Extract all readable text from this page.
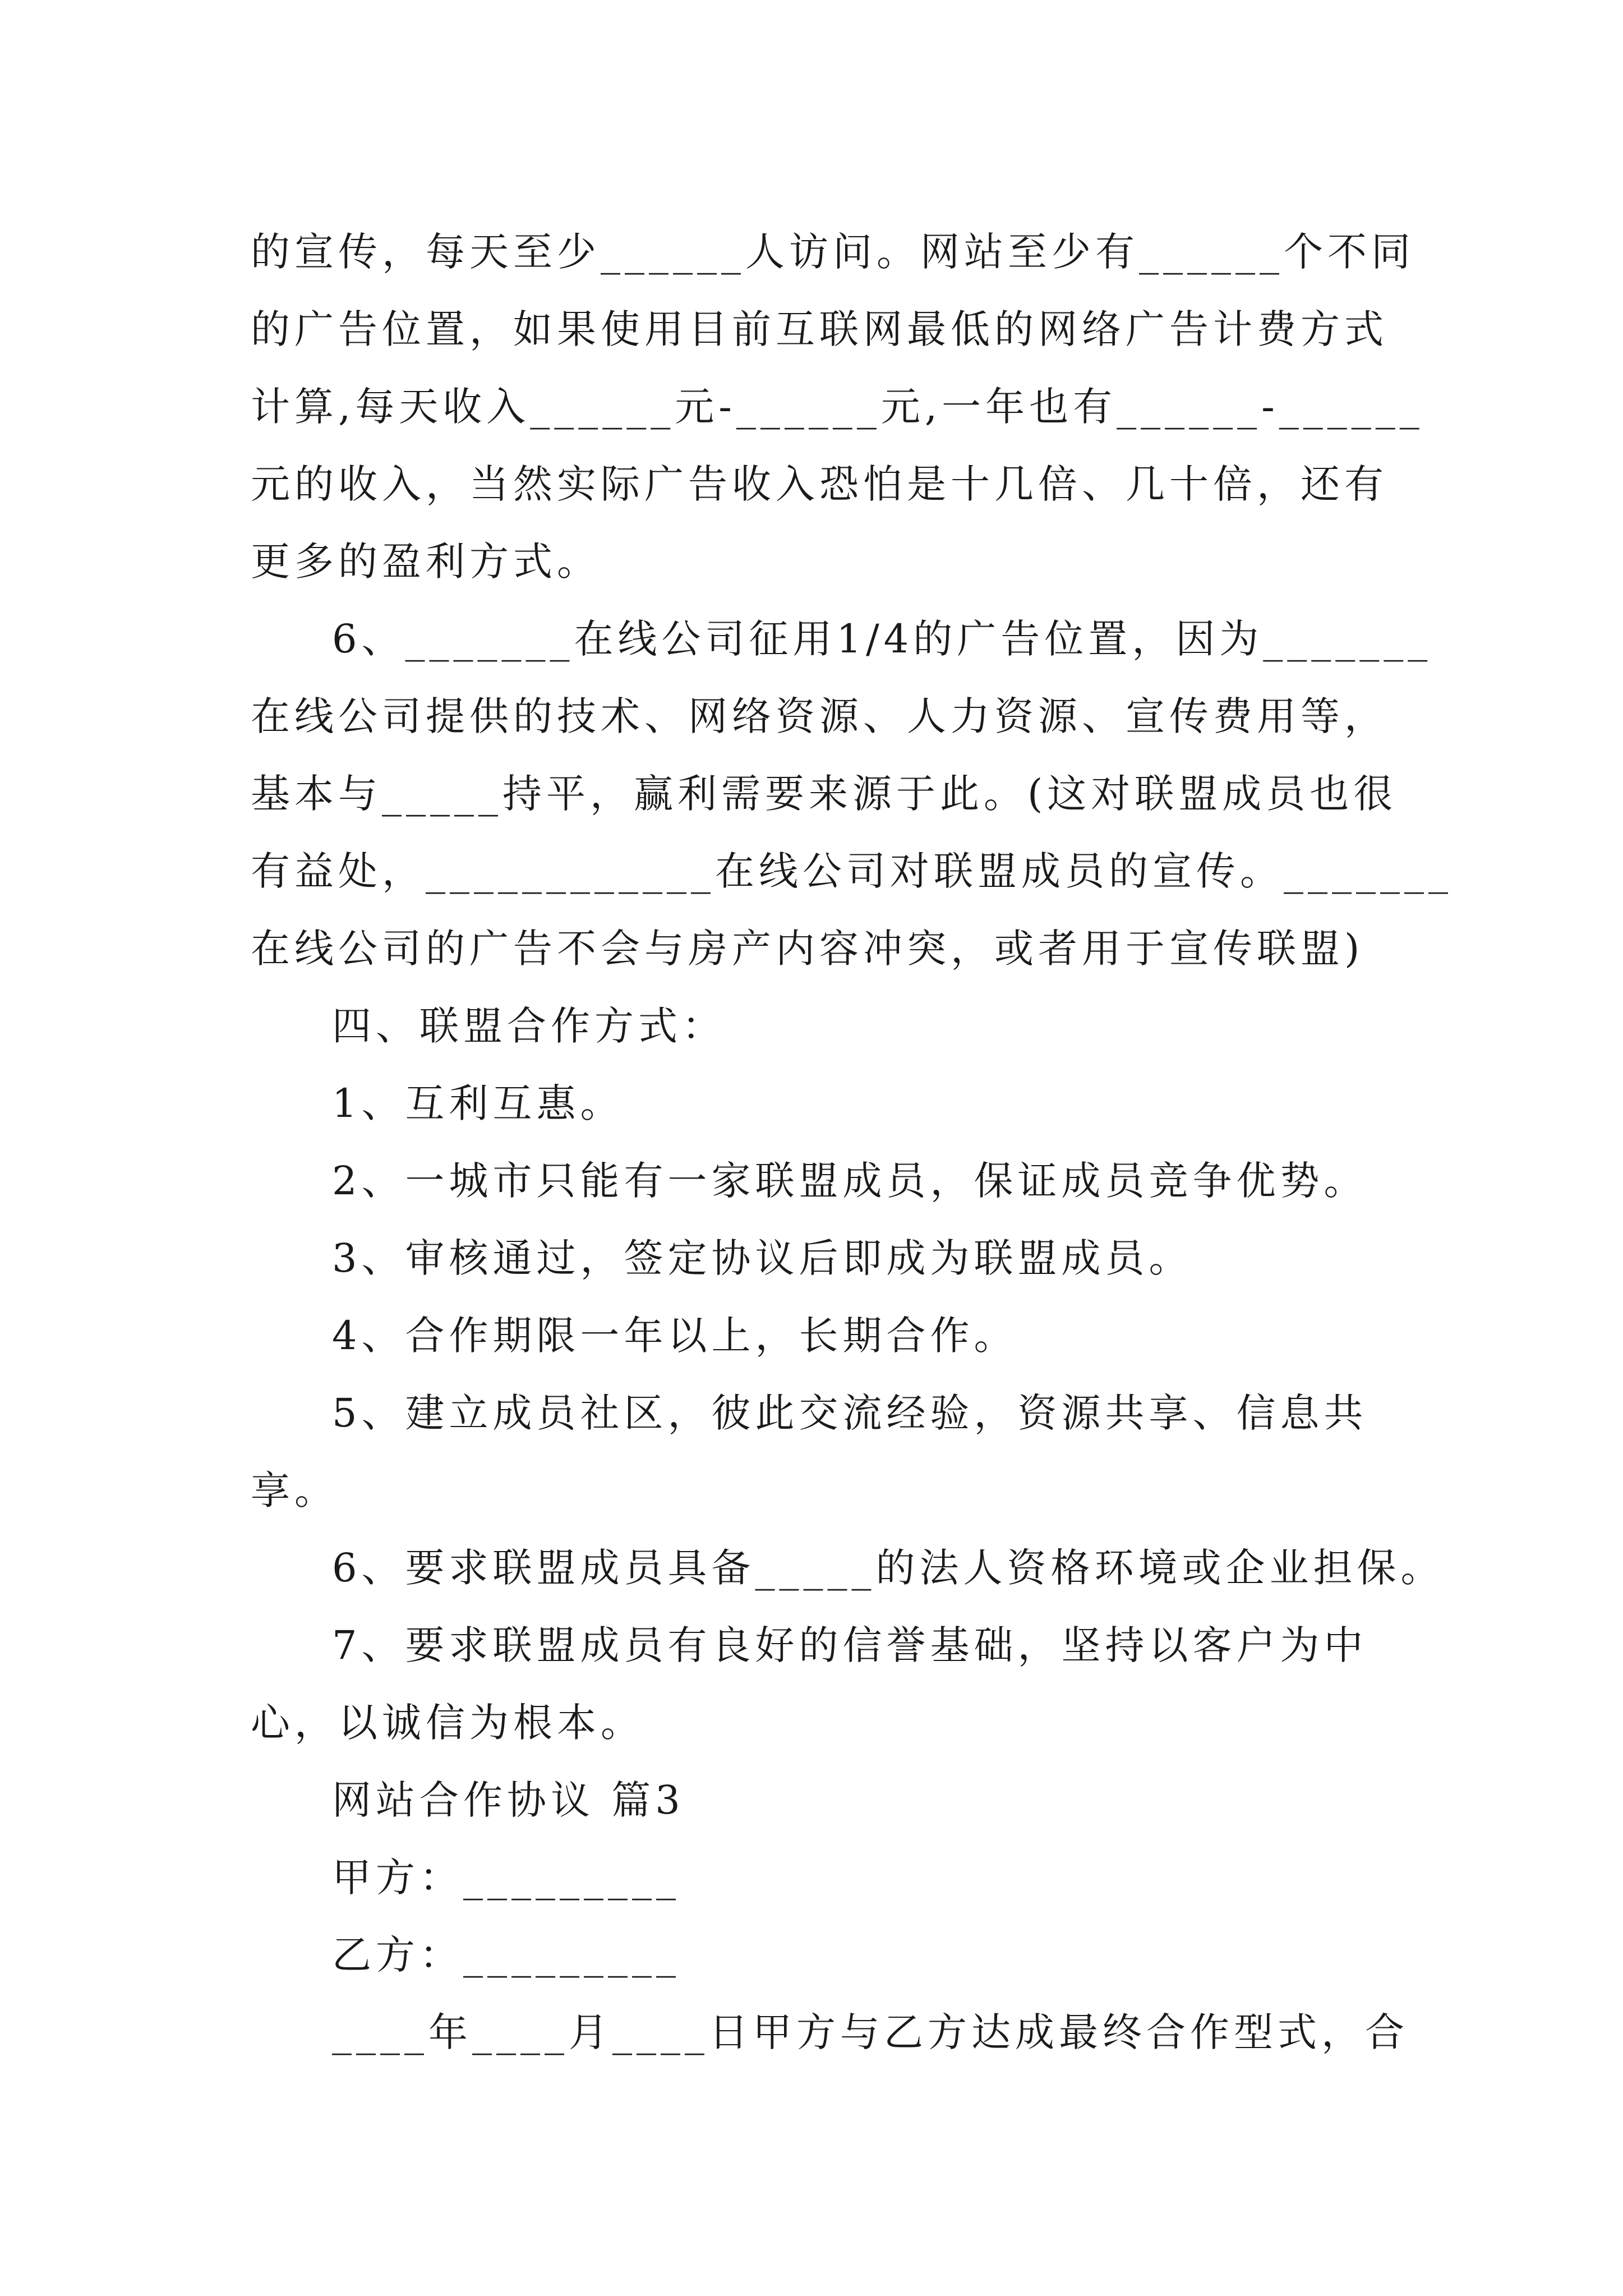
的宣传，每天至少______人访问。网站至少有______个不同
的广告位置，如果使用目前互联网最低的网络广告计费方式
计算,每天收入______元-______元,一年也有______-______
元的收入，当然实际广告收入恐怕是十几倍、几十倍，还有
更多的盈利方式。
6、_______在线公司征用1/4的广告位置，因为_______
在线公司提供的技术、网络资源、人力资源、宣传费用等，
基本与_____持平，赢利需要来源于此。(这对联盟成员也很
有益处，____________在线公司对联盟成员的宣传。_______
在线公司的广告不会与房产内容冲突，或者用于宣传联盟)
四、联盟合作方式：
1、互利互惠。
2、一城市只能有一家联盟成员，保证成员竞争优势。
3、审核通过，签定协议后即成为联盟成员。
4、合作期限一年以上，长期合作。
5、建立成员社区，彼此交流经验，资源共享、信息共
享。
6、要求联盟成员具备_____的法人资格环境或企业担保。
7、要求联盟成员有良好的信誉基础，坚持以客户为中
心，以诚信为根本。
网站合作协议 篇3
甲方：_________
乙方：_________
____年____月____日甲方与乙方达成最终合作型式，合
